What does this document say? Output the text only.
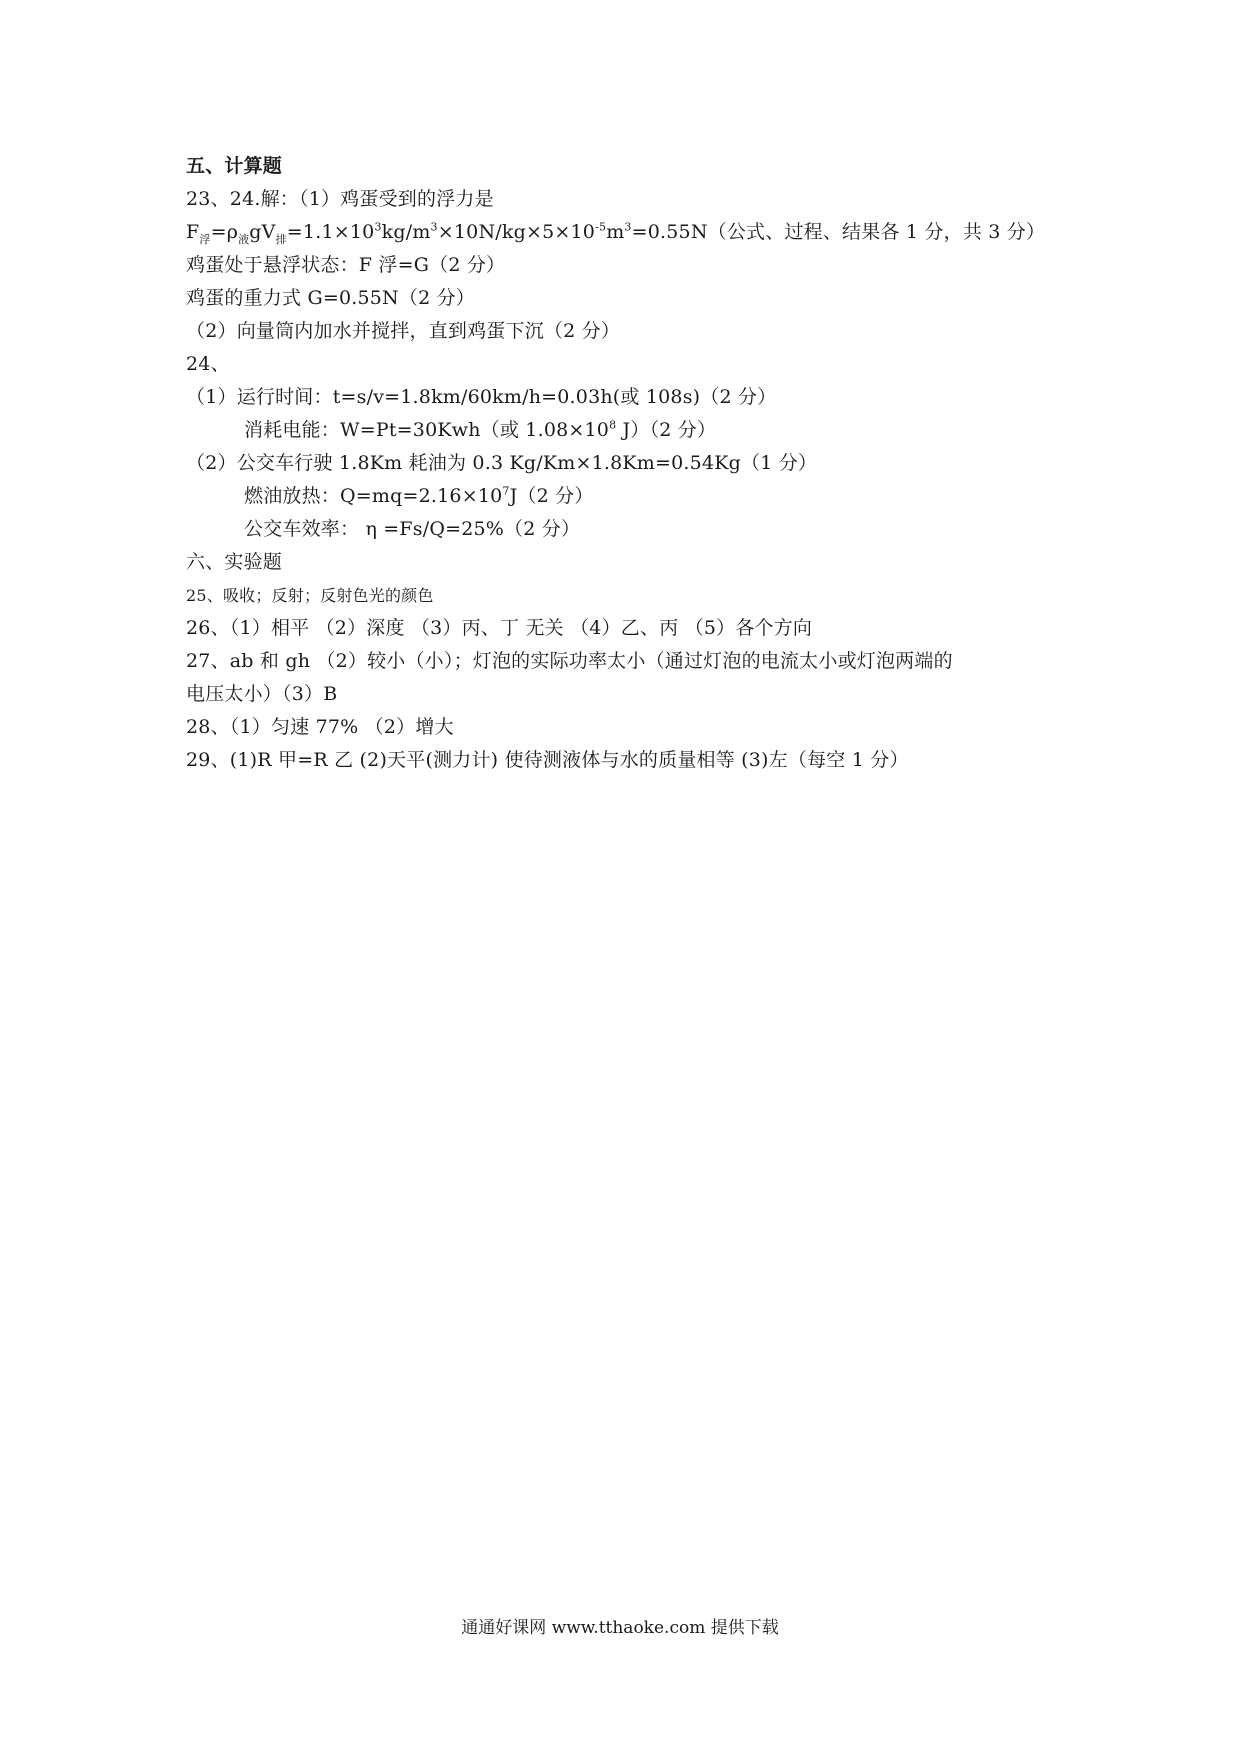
五、计算题
23、24.解：（1）鸡蛋受到的浮力是
$F_浮=\rho_液gV_排=1.1\times 10^3kg/m^3\times 10N/kg\times 5\times 10^{-5}m^3=0.55N$（公式、过程、结果各 1 分，共 3 分）
鸡蛋处于悬浮状态：F 浮=G（2 分）
鸡蛋的重力式 G=0.55N（2 分）
（2）向量筒内加水并搅拌，直到鸡蛋下沉（2 分）
24、
（1）运行时间：t=s/v=1.8km/60km/h=0.03h(或 108s)（2 分）
消耗电能：W=Pt=30Kwh（或 $1.08\times 10^8$ J）（2 分）
（2）公交车行驶 1.8Km 耗油为 0.3 Kg/Km×1.8Km=0.54Kg（1 分）
燃油放热：$Q=mq=2.16\times 10^7J(2$ 分）
公交车效率： η =Fs/Q=25%（2 分）
六、实验题
25、吸收；反射；反射色光的颜色
26、（1）相平 （2）深度 （3）丙、丁 无关 （4）乙、丙 （5）各个方向
27、ab 和 gh （2）较小（小）；灯泡的实际功率太小（通过灯泡的电流太小或灯泡两端的
电压太小）（3）B
28、（1）匀速 77% （2）增大
29、(1)R 甲=R 乙 (2)天平(测力计) 使待测液体与水的质量相等 (3)左（每空 1 分）
通通好课网 www.tthaoke.com 提供下载
